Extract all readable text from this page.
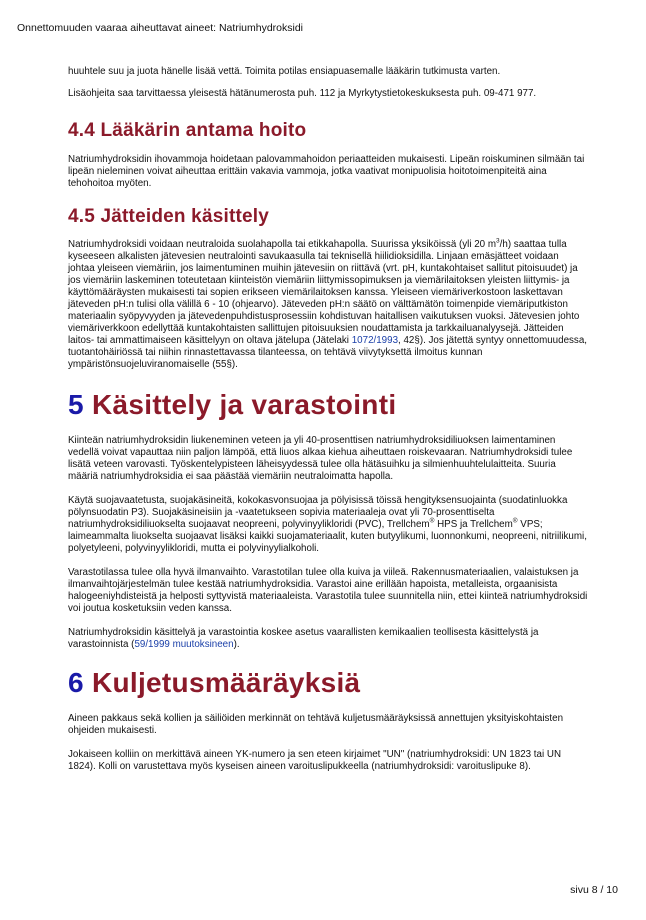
Onnettomuuden vaaraa aiheuttavat aineet: Natriumhydroksidi

huuhtele suu ja juota hänelle lisää vettä. Toimita potilas ensiapuasemalle lääkärin tutkimusta varten.

Lisäohjeita saa tarvittaessa yleisestä hätänumerosta puh. 112 ja Myrkytystietokeskuksesta puh. 09-471 977.

4.4 Lääkärin antama hoito

Natriumhydroksidin ihovammoja hoidetaan palovammahoidon periaatteiden mukaisesti. Lipeän roiskuminen silmään tai lipeän nieleminen voivat aiheuttaa erittäin vakavia vammoja, jotka vaativat monipuolisia hoitotoimenpiteitä aina tehohoitoa myöten.

4.5 Jätteiden käsittely

Natriumhydroksidi voidaan neutraloida suolahapolla tai etikkahapolla. Suurissa yksiköissä (yli 20 $m^3/h$) saattaa tulla kyseeseen alkalisten jätevesien neutralointi savukaasulla tai teknisellä hiilidioksidilla. Linjaan emäsjätteet voidaan johtaa yleiseen viemäriin, jos laimentuminen muihin jätevesiin on riittävä (vrt. pH, kuntakohtaiset sallitut pitoisuudet) ja jos viemäriin laskeminen toteutetaan kiinteistön viemäriin liittymissopimuksen ja viemärilaitoksen yleisten liittymis- ja käyttömääräysten mukaisesti tai sopien erikseen viemärilaitoksen kanssa. Yleiseen viemäriverkostoon laskettavan jäteveden pH:n tulisi olla välillä 6 - 10 (ohjearvo). Jäteveden pH:n säätö on välttämätön toimenpide viemäriputkiston materiaalin syöpyvyyden ja jätevedenpuhdistusprosessiin kohdistuvan haitallisen vaikutuksen vuoksi. Jätevesien johto viemäriverkkoon edellyttää kuntakohtaisten sallittujen pitoisuuksien noudattamista ja tarkkailuanalyysejä. Jätteiden laitos- tai ammattimaiseen käsittelyyn on oltava jätelupa (Jätelaki 1072/1993, 42§). Jos jätettä syntyy onnettomuudessa, tuotantohäiriössä tai niihin rinnastettavassa tilanteessa, on tehtävä viivytyksettä ilmoitus kunnan ympäristönsuojeluviranomaiselle (55§).

5 Käsittely ja varastointi

Kiinteän natriumhydroksidin liukeneminen veteen ja yli 40-prosenttisen natriumhydroksidiliuoksen laimentaminen vedellä voivat vapauttaa niin paljon lämpöä, että liuos alkaa kiehua aiheuttaen roiskevaaran. Natriumhydroksidi tulee lisätä veteen varovasti. Työskentelypisteen läheisyydessä tulee olla hätäsuihku ja silmienhuuhtelulaitteita. Suuria määriä natriumhydroksidia ei saa päästää viemäriin neutraloimatta hapolla.

Käytä suojavaatetusta, suojakäsineitä, kokokasvonsuojaa ja pölyisissä töissä hengityksensuojainta (suodatinluokka pölynsuodatin P3). Suojakäsineisiin ja -vaatetukseen sopivia materiaaleja ovat yli 70-prosenttiselta natriumhydroksidiliuokselta suojaavat neopreeni, polyvinyylikloridi (PVC), Trellchem® HPS ja Trellchem® VPS; laimeammalta liuokselta suojaavat lisäksi kaikki suojamateriaalit, kuten butyylikumi, luonnonkumi, neopreeni, nitriilikumi, polyetyleeni, polyvinyylikloridi, mutta ei polyvinyylialkoholi.

Varastotilassa tulee olla hyvä ilmanvaihto. Varastotilan tulee olla kuiva ja viileä. Rakennusmateriaalien, valaistuksen ja ilmanvaihtojärjestelmän tulee kestää natriumhydroksidia. Varastoi aine erillään hapoista, metalleista, orgaanisista halogeeniyhdisteistä ja helposti syttyvistä materiaaleista. Varastotila tulee suunnitella niin, ettei kiinteä natriumhydroksidi voi joutua kosketuksiin veden kanssa.

Natriumhydroksidin käsittelyä ja varastointia koskee asetus vaarallisten kemikaalien teollisesta käsittelystä ja varastoinnista (59/1999 muutoksineen).

6 Kuljetusmääräyksiä

Aineen pakkaus sekä kollien ja säiliöiden merkinnät on tehtävä kuljetusmääräyksissä annettujen yksityiskohtaisten ohjeiden mukaisesti.

Jokaiseen kolliin on merkittävä aineen YK-numero ja sen eteen kirjaimet "UN" (natriumhydroksidi: UN 1823 tai UN 1824). Kolli on varustettava myös kyseisen aineen varoituslipukkeella (natriumhydroksidi: varoituslipuke 8).

sivu 8 / 10
